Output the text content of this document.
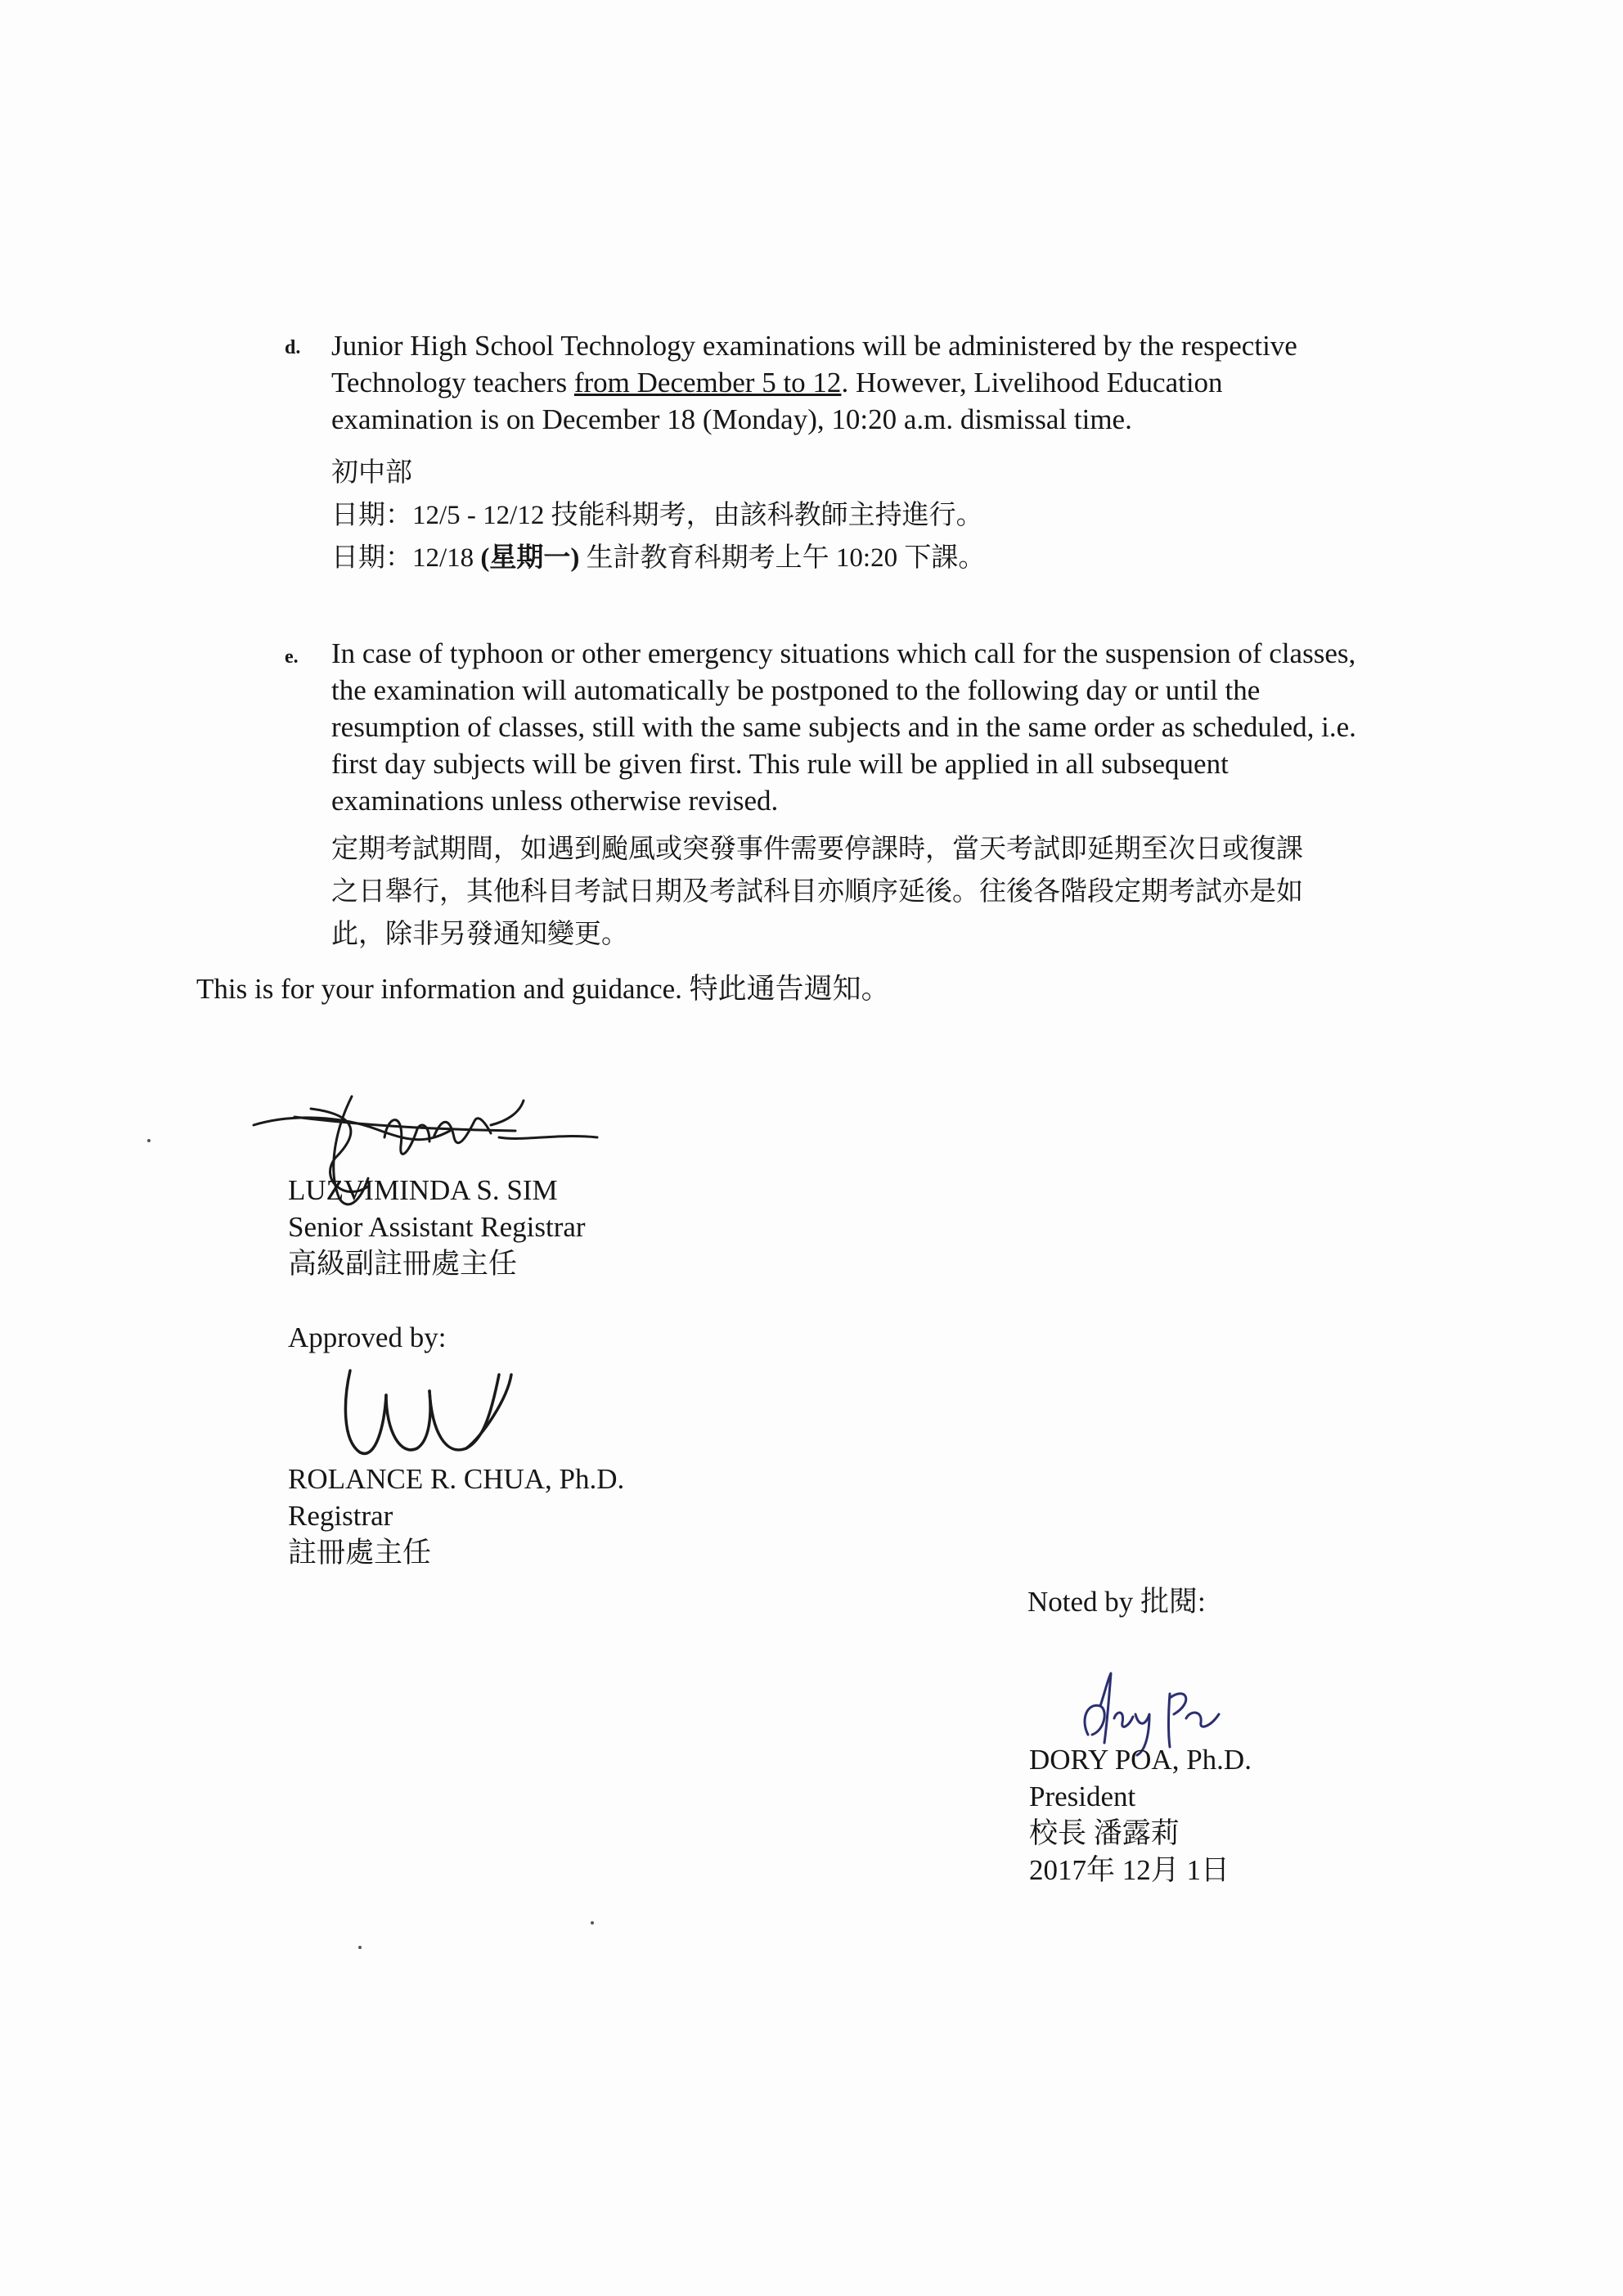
d. Junior High School Technology examinations will be administered by the respective
Technology teachers from December 5 to 12. However, Livelihood Education
examination is on December 18 (Monday), 10:20 a.m. dismissal time.
初中部
日期：12/5 - 12/12 技能科期考，由該科教師主持進行。
日期：12/18 (星期一) 生計教育科期考上午 10:20 下課。
e. In case of typhoon or other emergency situations which call for the suspension of classes,
the examination will automatically be postponed to the following day or until the
resumption of classes, still with the same subjects and in the same order as scheduled, i.e.
first day subjects will be given first. This rule will be applied in all subsequent
examinations unless otherwise revised.
定期考試期間，如遇到颱風或突發事件需要停課時，當天考試即延期至次日或復課
之日舉行，其他科目考試日期及考試科目亦順序延後。往後各階段定期考試亦是如
此，除非另發通知變更。
This is for your information and guidance. 特此通告週知。
LUZVIMINDA S. SIM
Senior Assistant Registrar
高級副註冊處主任
Approved by:
ROLANCE R. CHUA, Ph.D.
Registrar
註冊處主任
Noted by 批閱:
DORY POA, Ph.D.
President
校長 潘露莉
2017年 12月 1日
